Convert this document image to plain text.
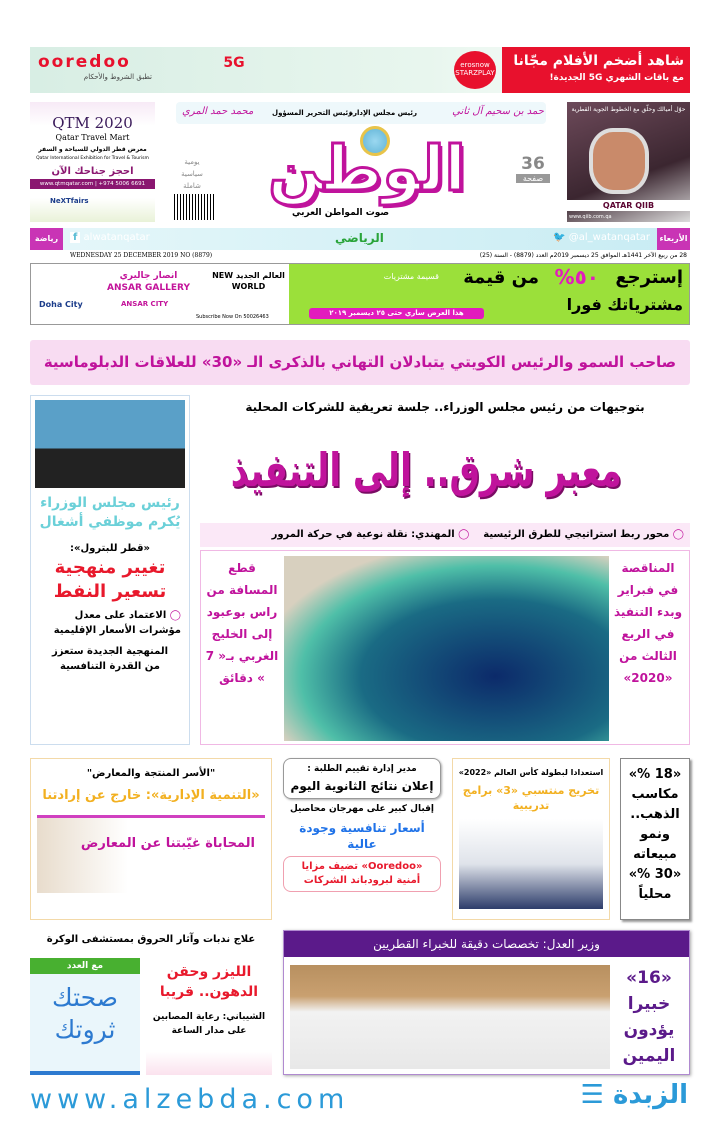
شاهد أضخم الأفلام مجّانا
مع باقات الشهري 5G الجديدة!
erosnow STARZPLAY
5G
ooredoo
تطبق الشروط والأحكام
حوّل أميالك وحلّق مع الخطوط الجوية القطرية
QATAR QIIB
www.qiib.com.qa
QTM 2020
Qatar Travel Mart
معرض قطر الدولي للسياحة و السفر
Qatar International Exhibition for Travel & Tourism
احجز جناحك الآن
www.qtmqatar.com | +974 5006 6691
NeXTfairs
حمد بن سحيم آل ثاني
رئيس مجلس الإدارة
رئيس التحرير المسؤول
محمد حمد المري
الوطن
صوت المواطن العربي
36
صفحة
يومية
سياسية
شاملة
الأربعاء
🐦 @al_watanqatar
الرياضي
f alwatanqatar
رياضة
28 من ربيع الآخر 1441هـ الموافق 25 ديسمبر 2019م العدد (8879) - السنة (25)
WEDNESDAY 25 DECEMBER 2019 NO (8879)
إسترجع
٥٠%
من قيمة
قسيمة مشتريات
مشترياتك فورا
هذا العرض ساري حتى ٢٥ ديسمبر ٢٠١٩
العالم الجديد NEW WORLD
انصار جاليري ANSAR GALLERY
ANSAR CITY
Doha City
Subscribe Now On 50026463
صاحب السمو والرئيس الكويتي يتبادلان التهاني بالذكرى الـ «30» للعلاقات الدبلوماسية
رئيس مجلس الوزراء يُكرم موظفي أشغال
«قطر للبترول»:
تغيير منهجية تسعير النفط
◯ الاعتماد على معدل مؤشرات الأسعار الإقليمية
المنهجية الجديدة ستعزز من القدرة التنافسية
بتوجيهات من رئيس مجلس الوزراء.. جلسة تعريفية للشركات المحلية
معبر شرق.. إلى التنفيذ
◯ محور ربط استراتيجي للطرق الرئيسية    ◯ المهندي: نقلة نوعية في حركة المرور
المناقصة في فبراير وبدء التنفيذ في الربع الثالث من «2020»
قطع المسافة من راس بوعبود إلى الخليج الغربي بـ« 7 » دقائق
"الأسر المنتجة والمعارض"
«التنمية الإدارية»: خارج عن إرادتنا
المحاباة غيّبتنا عن المعارض
مدير إدارة تقييم الطلبة :
إعلان نتائج الثانوية اليوم
إقبال كبير على مهرجان محاصيل
أسعار تنافسية وجودة عالية
«Ooredoo» تضيف مزايا أمنية لبرودباند الشركات
استعدادا لبطولة كأس العالم «2022»
تخريج منتسبي «3» برامج تدريبية
«18 %» مكاسب الذهب.. ونمو مبيعاته «30 %» محلياً
علاج ندبات وآثار الحروق بمستشفى الوكرة
مع العدد
صحتك ثروتك
الليزر وحقن الدهون.. قريبا
الشيباني: رعاية المصابين على مدار الساعة
وزير العدل: تخصصات دقيقة للخبراء القطريين
«16» خبيرا يؤدون اليمين
www.alzebda.com	الزبدة ☰
